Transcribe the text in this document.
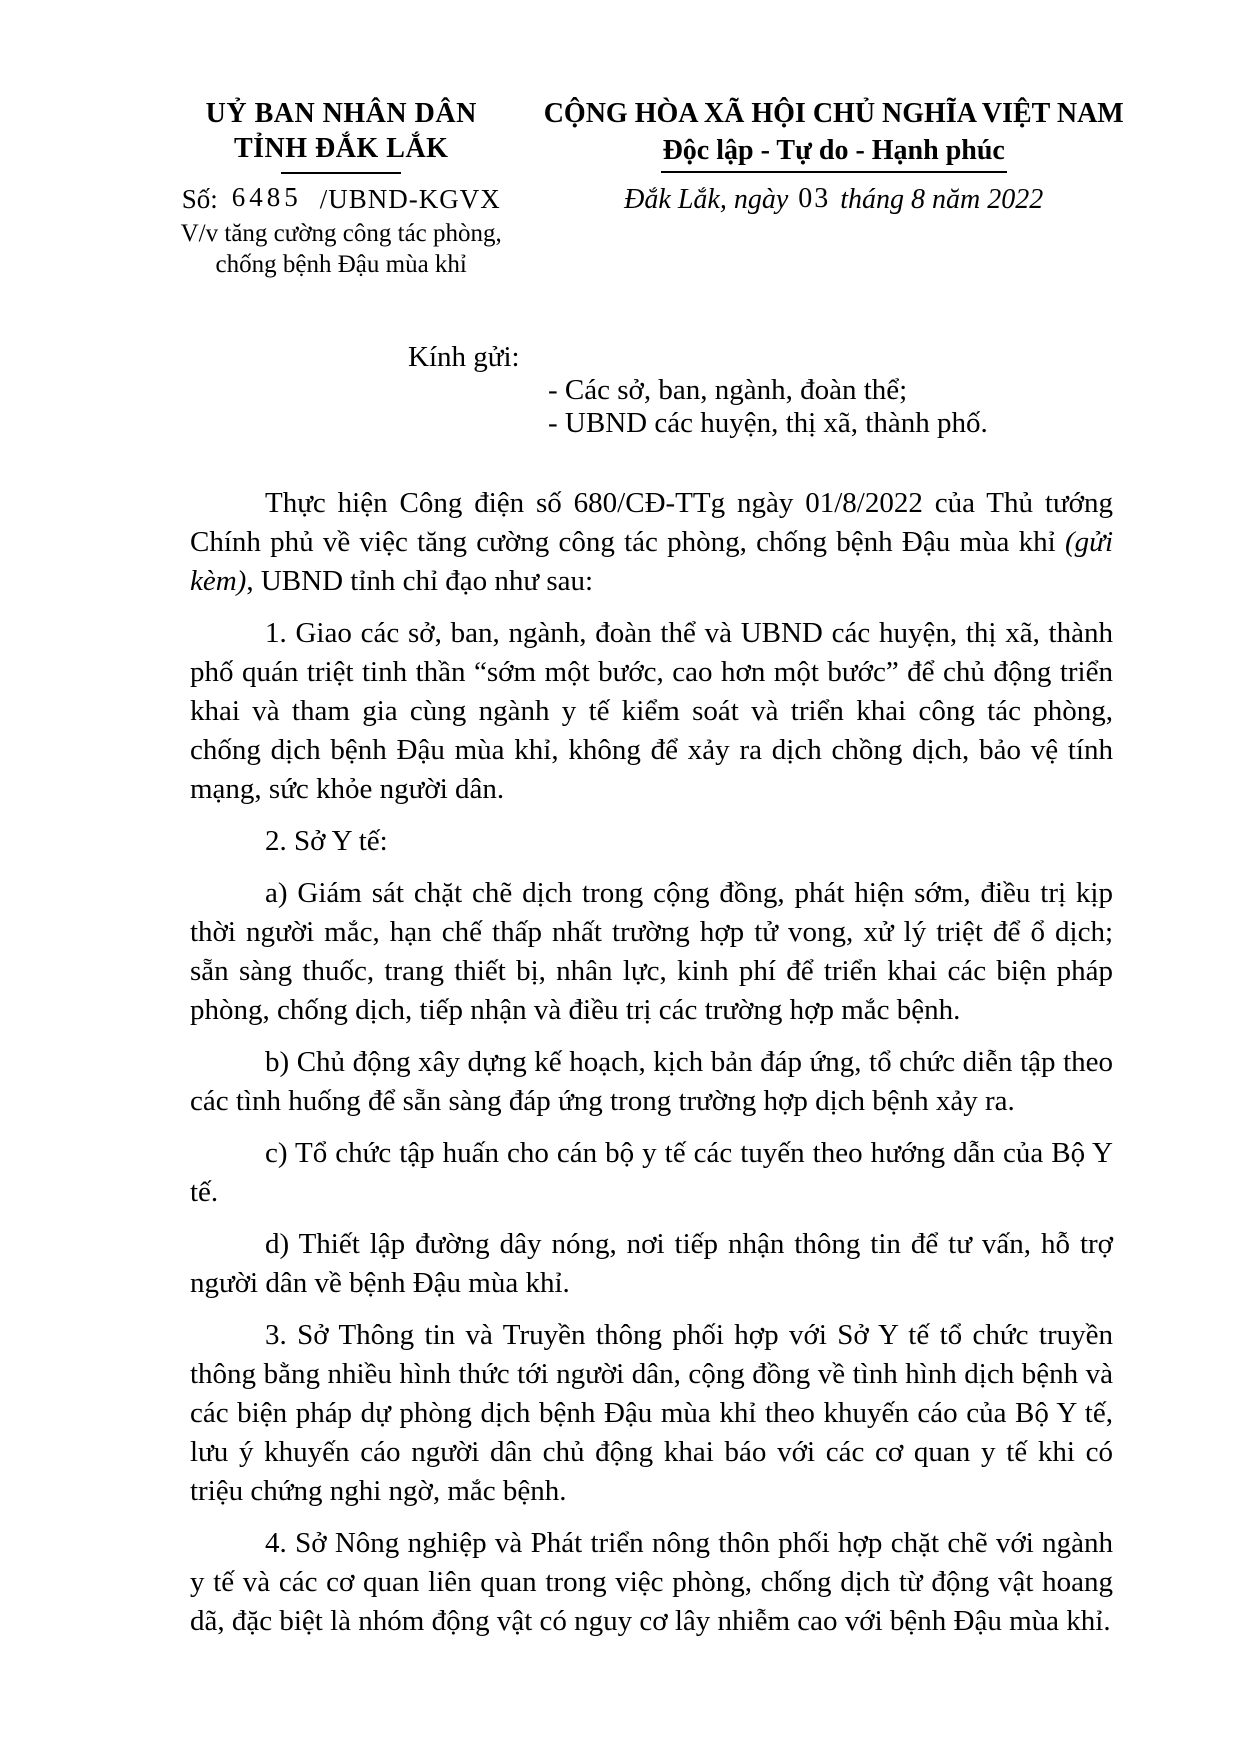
UỶ BAN NHÂN DÂN
TỈNH ĐẮK LẮK
Số: 6485 /UBND-KGVX
V/v tăng cường công tác phòng,
chống bệnh Đậu mùa khỉ
CỘNG HÒA XÃ HỘI CHỦ NGHĨA VIỆT NAM
Độc lập - Tự do - Hạnh phúc
Đắk Lắk, ngày 03 tháng 8 năm 2022
Kính gửi:
- Các sở, ban, ngành, đoàn thể;
- UBND các huyện, thị xã, thành phố.

Thực hiện Công điện số 680/CĐ-TTg ngày 01/8/2022 của Thủ tướng Chính phủ về việc tăng cường công tác phòng, chống bệnh Đậu mùa khỉ (gửi kèm), UBND tỉnh chỉ đạo như sau:

1. Giao các sở, ban, ngành, đoàn thể và UBND các huyện, thị xã, thành phố quán triệt tinh thần “sớm một bước, cao hơn một bước” để chủ động triển khai và tham gia cùng ngành y tế kiểm soát và triển khai công tác phòng, chống dịch bệnh Đậu mùa khỉ, không để xảy ra dịch chồng dịch, bảo vệ tính mạng, sức khỏe người dân.

2. Sở Y tế:

a) Giám sát chặt chẽ dịch trong cộng đồng, phát hiện sớm, điều trị kịp thời người mắc, hạn chế thấp nhất trường hợp tử vong, xử lý triệt để ổ dịch; sẵn sàng thuốc, trang thiết bị, nhân lực, kinh phí để triển khai các biện pháp phòng, chống dịch, tiếp nhận và điều trị các trường hợp mắc bệnh.

b) Chủ động xây dựng kế hoạch, kịch bản đáp ứng, tổ chức diễn tập theo các tình huống để sẵn sàng đáp ứng trong trường hợp dịch bệnh xảy ra.

c) Tổ chức tập huấn cho cán bộ y tế các tuyến theo hướng dẫn của Bộ Y tế.

d) Thiết lập đường dây nóng, nơi tiếp nhận thông tin để tư vấn, hỗ trợ người dân về bệnh Đậu mùa khỉ.

3. Sở Thông tin và Truyền thông phối hợp với Sở Y tế tổ chức truyền thông bằng nhiều hình thức tới người dân, cộng đồng về tình hình dịch bệnh và các biện pháp dự phòng dịch bệnh Đậu mùa khỉ theo khuyến cáo của Bộ Y tế, lưu ý khuyến cáo người dân chủ động khai báo với các cơ quan y tế khi có triệu chứng nghi ngờ, mắc bệnh.

4. Sở Nông nghiệp và Phát triển nông thôn phối hợp chặt chẽ với ngành y tế và các cơ quan liên quan trong việc phòng, chống dịch từ động vật hoang dã, đặc biệt là nhóm động vật có nguy cơ lây nhiễm cao với bệnh Đậu mùa khỉ.
